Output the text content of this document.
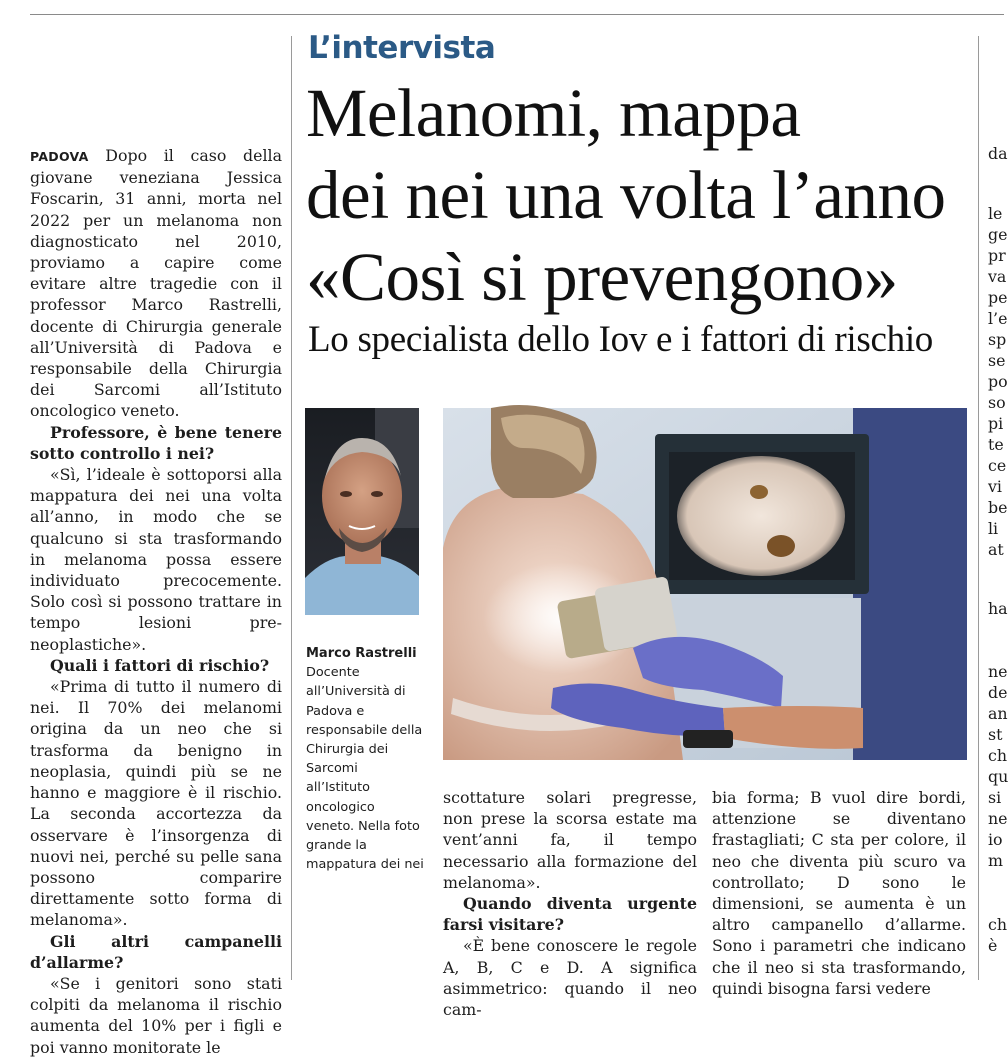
L’intervista
Melanomi, mappa
dei nei una volta l’anno
«Così si prevengono»
Lo specialista dello Iov e i fattori di rischio

PADOVA Dopo il caso della giovane veneziana Jessica Foscarin, 31 anni, morta nel 2022 per un melanoma non diagnosticato nel 2010, proviamo a capire come evitare altre tragedie con il professor Marco Rastrelli, docente di Chirurgia generale all’Università di Padova e responsabile della Chirurgia dei Sarcomi all’Istituto oncologico veneto.

Professore, è bene tenere sotto controllo i nei?

«Sì, l’ideale è sottoporsi alla mappatura dei nei una volta all’anno, in modo che se qualcuno si sta trasformando in melanoma possa essere individuato precocemente. Solo così si possono trattare in tempo lesioni pre-neoplastiche».

Quali i fattori di rischio?

«Prima di tutto il numero di nei. Il 70% dei melanomi origina da un neo che si trasforma da benigno in neoplasia, quindi più se ne hanno e maggiore è il rischio. La seconda accortezza da osservare è l’insorgenza di nuovi nei, perché su pelle sana possono comparire direttamente sotto forma di melanoma».

Gli altri campanelli d’allarme?

«Se i genitori sono stati colpiti da melanoma il rischio aumenta del 10% per i figli e poi vanno monitorate le

Marco Rastrelli
Docente all’Università di Padova e responsabile della Chirurgia dei Sarcomi all’Istituto oncologico veneto. Nella foto grande la mappatura dei nei

scottature solari pregresse, non prese la scorsa estate ma vent’anni fa, il tempo necessario alla formazione del melanoma».

Quando diventa urgente farsi visitare?

«È bene conoscere le regole A, B, C e D. A significa asimmetrico: quando il neo cam-

bia forma; B vuol dire bordi, attenzione se diventano frastagliati; C sta per colore, il neo che diventa più scuro va controllato; D sono le dimensioni, se aumenta è un altro campanello d’allarme. Sono i parametri che indicano che il neo si sta trasformando, quindi bisogna farsi vedere

da
le
ge
pr
va
pe
l’e
sp
se
po
so
pi
te
ce
vi
be
li
at
ha
ne
de
an
st
ch
qu
si
ne
io
m
ch
è
